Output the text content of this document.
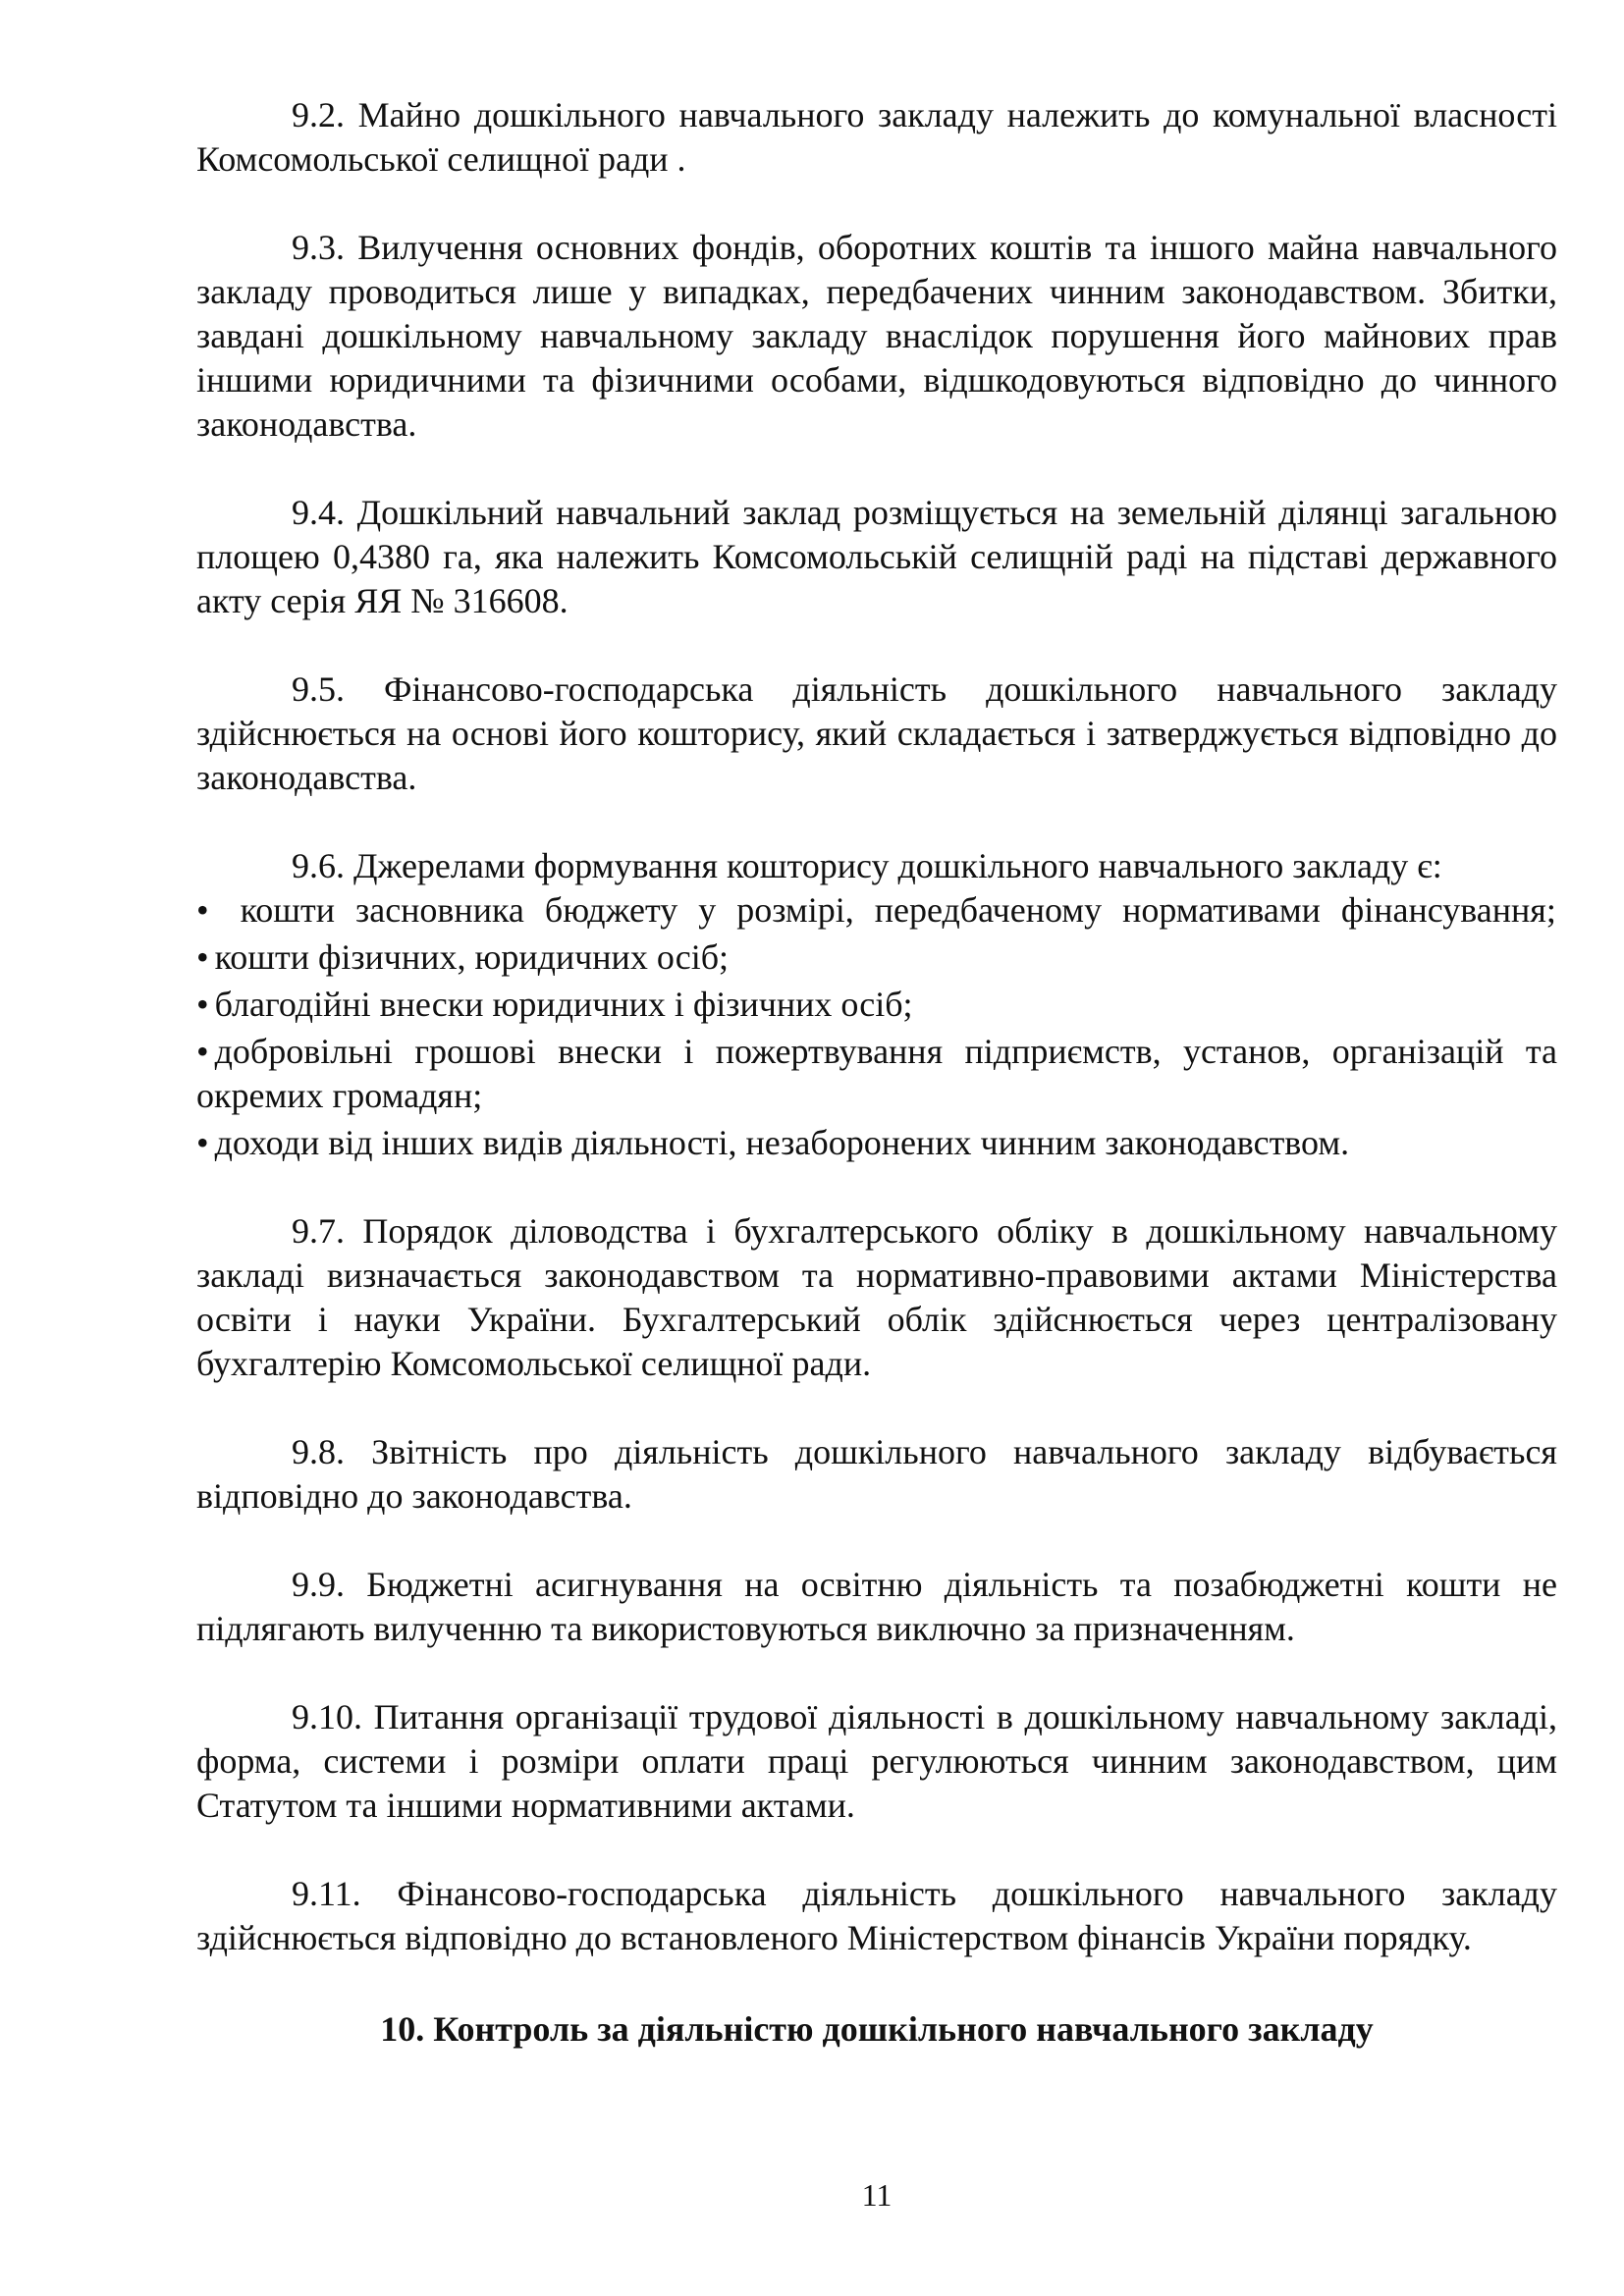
9.2. Майно дошкільного навчального закладу належить до комунальної власності Комсомольської селищної ради .

9.3. Вилучення основних фондів, оборотних коштів та іншого майна навчального закладу проводиться лише у випадках, передбачених чинним законодавством. Збитки, завдані дошкільному навчальному закладу внаслідок порушення його майнових прав іншими юридичними та фізичними особами, відшкодовуються відповідно до чинного законодавства.

9.4. Дошкільний навчальний заклад розміщується на земельній ділянці загальною площею 0,4380 га, яка належить Комсомольській селищній раді на підставі державного акту серія ЯЯ № 316608.

9.5. Фінансово-господарська діяльність дошкільного навчального закладу здійснюється на основі його кошторису, який складається і затверджується відповідно до законодавства.

9.6. Джерелами формування кошторису дошкільного навчального закладу є:

• кошти засновника бюджету у розмірі, передбаченому нормативами фінансування;
• кошти фізичних, юридичних осіб;
• благодійні внески юридичних і фізичних осіб;
• добровільні грошові внески і пожертвування підприємств, установ, організацій та окремих громадян;
• доходи від інших видів діяльності, незаборонених чинним законодавством.

9.7. Порядок діловодства і бухгалтерського обліку в дошкільному навчальному закладі визначається законодавством та нормативно-правовими актами Міністерства освіти і науки України. Бухгалтерський облік здійснюється через централізовану бухгалтерію Комсомольської селищної ради.

9.8. Звітність про діяльність дошкільного навчального закладу відбувається відповідно до законодавства.

9.9. Бюджетні асигнування на освітню діяльність та позабюджетні кошти не підлягають вилученню та використовуються виключно за призначенням.

9.10. Питання організації трудової діяльності в дошкільному навчальному закладі, форма, системи і розміри оплати праці регулюються чинним законодавством, цим Статутом та іншими нормативними актами.

9.11. Фінансово-господарська діяльність дошкільного навчального закладу здійснюється відповідно до встановленого Міністерством фінансів України порядку.

10. Контроль за діяльністю дошкільного навчального закладу
11
